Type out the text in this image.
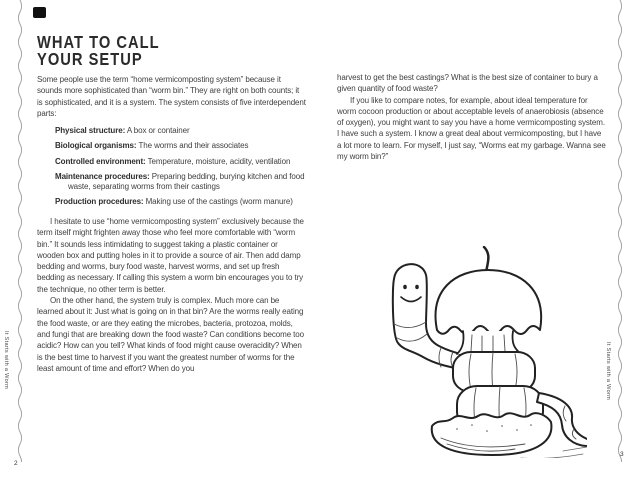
It Starts with a Worm	It Starts with a Worm
2
3
WHAT TO CALL
YOUR SETUP

Some people use the term “home vermicomposting system” because it sounds more sophisticated than “worm bin.” They are right on both counts; it is sophisticated, and it is a system. The system consists of five interdependent parts:

Physical structure: A box or container
Biological organisms: The worms and their associates
Controlled environment: Temperature, moisture, acidity, ventilation
Maintenance procedures: Preparing bedding, burying kitchen and food waste, separating worms from their castings
Production procedures: Making use of the castings (worm manure)

I hesitate to use “home vermicomposting system” exclusively because the term itself might frighten away those who feel more comfortable with “worm bin.” It sounds less intimidating to suggest taking a plastic container or wooden box and putting holes in it to provide a source of air. Then add damp bedding and worms, bury food waste, harvest worms, and set up fresh bedding as necessary. If calling this system a worm bin encourages you to try the technique, no other term is better.

On the other hand, the system truly is complex. Much more can be learned about it: Just what is going on in that bin? Are the worms really eating the food waste, or are they eating the microbes, bacteria, protozoa, molds, and fungi that are breaking down the food waste? Can conditions become too acidic? How can you tell? What kinds of food might cause overacidity? When is the best time to harvest if you want the greatest number of worms for the least amount of time and effort? When do you

harvest to get the best castings? What is the best size of container to bury a given quantity of food waste?

If you like to compare notes, for example, about ideal temperature for worm cocoon production or about acceptable levels of anaerobiosis (absence of oxygen), you might want to say you have a home vermicomposting system. I have such a system. I know a great deal about vermicomposting, but I have a lot more to learn. For myself, I just say, “Worms eat my garbage. Wanna see my worm bin?”
